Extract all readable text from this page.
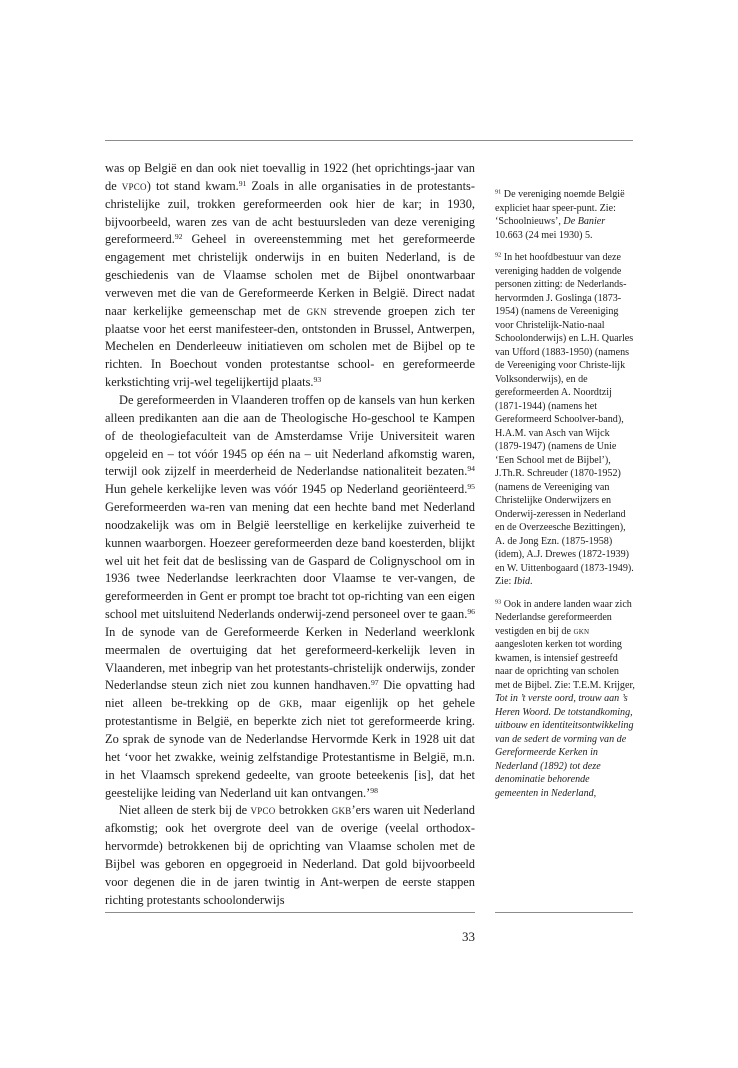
was op België en dan ook niet toevallig in 1922 (het oprichtings-jaar van de vpco) tot stand kwam.$^{91}$ Zoals in alle organisaties in de protestants-christelijke zuil, trokken gereformeerden ook hier de kar; in 1930, bijvoorbeeld, waren zes van de acht bestuursleden van deze vereniging gereformeerd.$^{92}$ Geheel in overeenstemming met het gereformeerde engagement met christelijk onderwijs in en buiten Nederland, is de geschiedenis van de Vlaamse scholen met de Bijbel onontwarbaar verweven met die van de Gereformeerde Kerken in België. Direct nadat naar kerkelijke gemeenschap met de gkn strevende groepen zich ter plaatse voor het eerst manifesteer-den, ontstonden in Brussel, Antwerpen, Mechelen en Denderleeuw initiatieven om scholen met de Bijbel op te richten. In Boechout vonden protestantse school- en gereformeerde kerkstichting vrij-wel tegelijkertijd plaats.$^{93}$

De gereformeerden in Vlaanderen troffen op de kansels van hun kerken alleen predikanten aan die aan de Theologische Ho-geschool te Kampen of de theologiefaculteit van de Amsterdamse Vrije Universiteit waren opgeleid en – tot vóór 1945 op één na – uit Nederland afkomstig waren, terwijl ook zijzelf in meerderheid de Nederlandse nationaliteit bezaten.$^{94}$ Hun gehele kerkelijke leven was vóór 1945 op Nederland georiënteerd.$^{95}$ Gereformeerden wa-ren van mening dat een hechte band met Nederland noodzakelijk was om in België leerstellige en kerkelijke zuiverheid te kunnen waarborgen. Hoezeer gereformeerden deze band koesterden, blijkt wel uit het feit dat de beslissing van de Gaspard de Colignyschool om in 1936 twee Nederlandse leerkrachten door Vlaamse te ver-vangen, de gereformeerden in Gent er prompt toe bracht tot op-richting van een eigen school met uitsluitend Nederlands onderwij-zend personeel over te gaan.$^{96}$ In de synode van de Gereformeerde Kerken in Nederland weerklonk meermalen de overtuiging dat het gereformeerd-kerkelijk leven in Vlaanderen, met inbegrip van het protestants-christelijk onderwijs, zonder Nederlandse steun zich niet zou kunnen handhaven.$^{97}$ Die opvatting had niet alleen be-trekking op de gkb, maar eigenlijk op het gehele protestantisme in België, en beperkte zich niet tot gereformeerde kring. Zo sprak de synode van de Nederlandse Hervormde Kerk in 1928 uit dat het ‘voor het zwakke, weinig zelfstandige Protestantisme in België, m.n. in het Vlaamsch sprekend gedeelte, van groote beteekenis [is], dat het geestelijke leiding van Nederland uit kan ontvangen.’$^{98}$

Niet alleen de sterk bij de vpco betrokken gkb’ers waren uit Nederland afkomstig; ook het overgrote deel van de overige (veelal orthodox-hervormde) betrokkenen bij de oprichting van Vlaamse scholen met de Bijbel was geboren en opgegroeid in Nederland. Dat gold bijvoorbeeld voor degenen die in de jaren twintig in Ant-werpen de eerste stappen richting protestants schoolonderwijs

$^{91}$ De vereniging noemde België expliciet haar speer-punt. Zie: ‘Schoolnieuws’, De Banier 10.663 (24 mei 1930) 5.

$^{92}$ In het hoofdbestuur van deze vereniging hadden de volgende personen zitting: de Nederlands-hervormden J. Goslinga (1873-1954) (namens de Vereeniging voor Christelijk-Natio-naal Schoolonderwijs) en L.H. Quarles van Ufford (1883-1950) (namens de Vereeniging voor Christe-lijk Volksonderwijs), en de gereformeerden A. Noordtzij (1871-1944) (namens het Gereformeerd Schoolver-band), H.A.M. van Asch van Wijck (1879-1947) (namens de Unie ‘Een School met de Bijbel’), J.Th.R. Schreuder (1870-1952) (namens de Vereeniging van Christelijke Onderwijzers en Onderwij-zeressen in Nederland en de Overzeesche Bezittingen), A. de Jong Ezn. (1875-1958) (idem), A.J. Drewes (1872-1939) en W. Uittenbogaard (1873-1949). Zie: Ibid.

$^{93}$ Ook in andere landen waar zich Nederlandse gereformeerden vestigden en bij de gkn aangesloten kerken tot wording kwamen, is intensief gestreefd naar de oprichting van scholen met de Bijbel. Zie: T.E.M. Krijger, Tot in ’t verste oord, trouw aan ’s Heren Woord. De totstandkoming, uitbouw en identiteitsontwikkeling van de sedert de vorming van de Gereformeerde Kerken in Nederland (1892) tot deze denominatie behorende gemeenten in Nederland,

33
